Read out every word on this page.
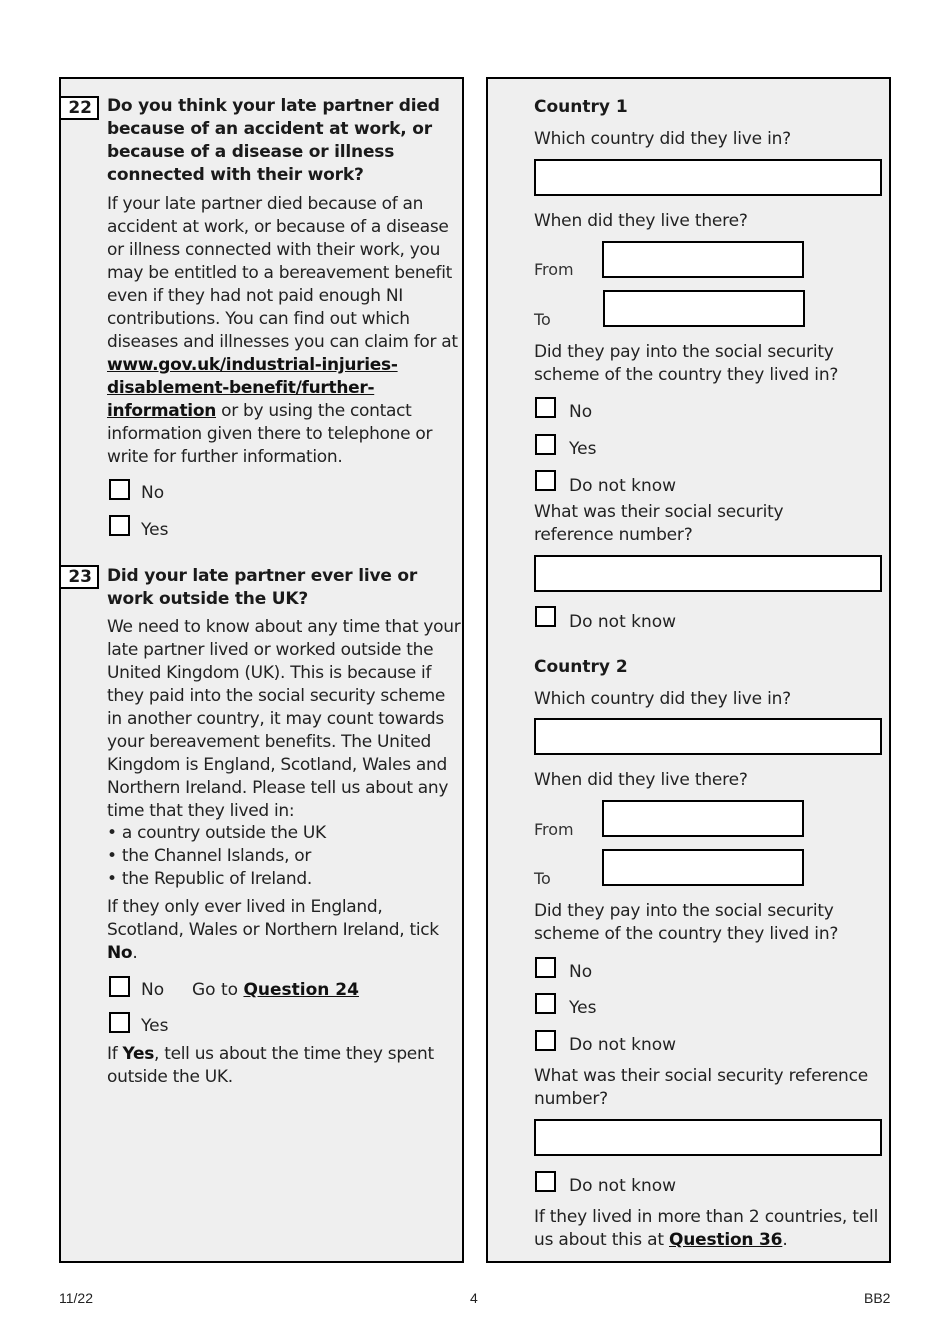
22 Do you think your late partner died because of an accident at work, or because of a disease or illness connected with their work?
If your late partner died because of an accident at work, or because of a disease or illness connected with their work, you may be entitled to a bereavement benefit even if they had not paid enough NI contributions. You can find out which diseases and illnesses you can claim for at www.gov.uk/industrial-injuries-disablement-benefit/further-information or by using the contact information given there to telephone or write for further information.
No
Yes
23 Did your late partner ever live or work outside the UK?
We need to know about any time that your late partner lived or worked outside the United Kingdom (UK). This is because if they paid into the social security scheme in another country, it may count towards your bereavement benefits. The United Kingdom is England, Scotland, Wales and Northern Ireland. Please tell us about any time that they lived in:
• a country outside the UK
• the Channel Islands, or
• the Republic of Ireland.
If they only ever lived in England, Scotland, Wales or Northern Ireland, tick No.
No Go to Question 24
Yes
If Yes, tell us about the time they spent outside the UK.
Country 1
Which country did they live in?
When did they live there?
From
To
Did they pay into the social security scheme of the country they lived in?
No
Yes
Do not know
What was their social security reference number?
Do not know
Country 2
Which country did they live in?
When did they live there?
From
To
Did they pay into the social security scheme of the country they lived in?
No
Yes
Do not know
What was their social security reference number?
Do not know
If they lived in more than 2 countries, tell us about this at Question 36.
11/22	4	BB2
